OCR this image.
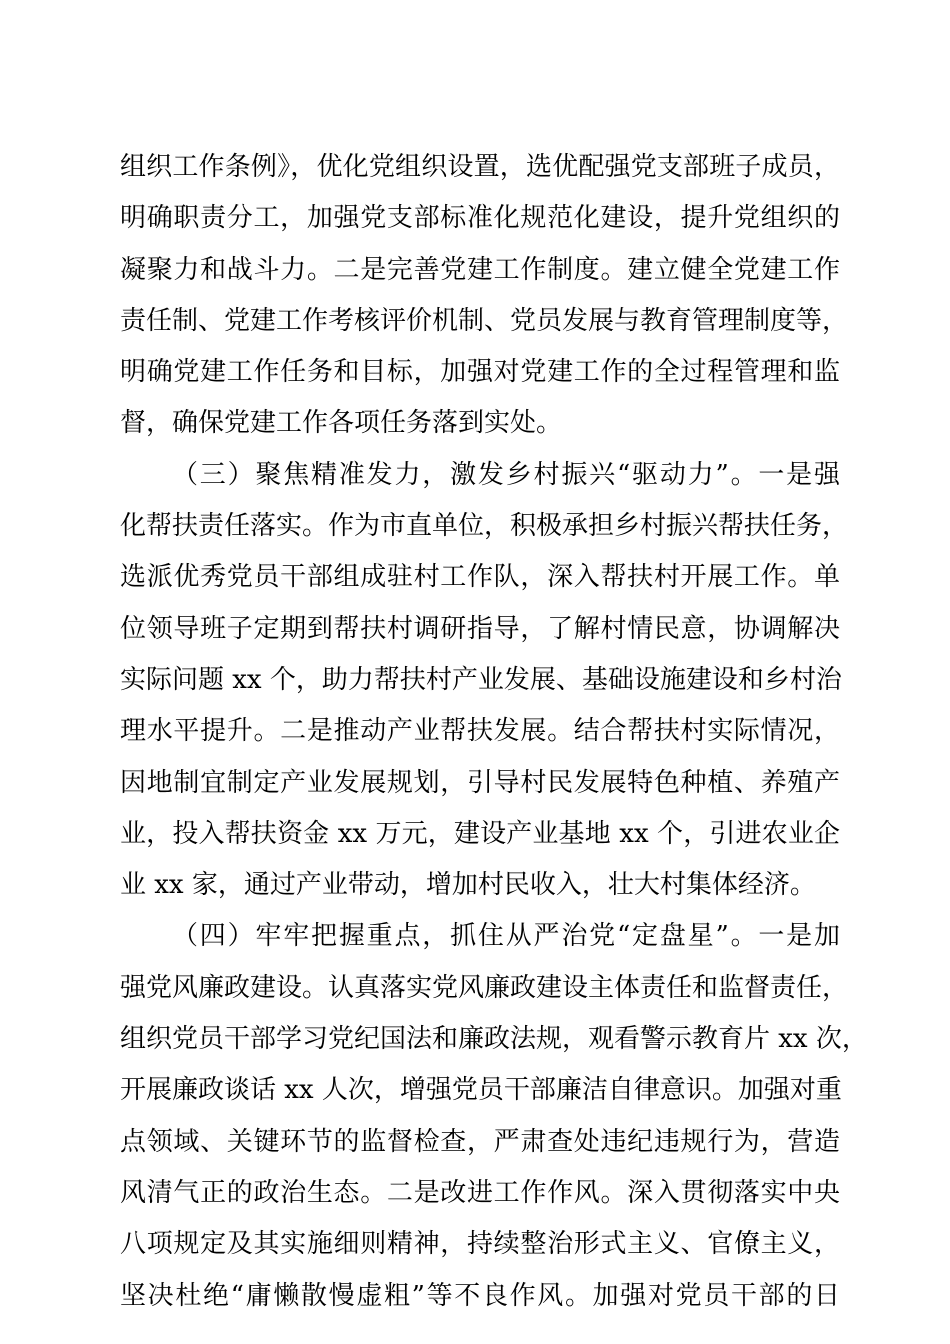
组织工作条例》，优化党组织设置，选优配强党支部班子成员，
明确职责分工，加强党支部标准化规范化建设，提升党组织的
凝聚力和战斗力。二是完善党建工作制度。建立健全党建工作
责任制、党建工作考核评价机制、党员发展与教育管理制度等，
明确党建工作任务和目标，加强对党建工作的全过程管理和监
督，确保党建工作各项任务落到实处。
（三）聚焦精准发力，激发乡村振兴“驱动力”。一是强
化帮扶责任落实。作为市直单位，积极承担乡村振兴帮扶任务，
选派优秀党员干部组成驻村工作队，深入帮扶村开展工作。单
位领导班子定期到帮扶村调研指导，了解村情民意，协调解决
实际问题 xx 个，助力帮扶村产业发展、基础设施建设和乡村治
理水平提升。二是推动产业帮扶发展。结合帮扶村实际情况，
因地制宜制定产业发展规划，引导村民发展特色种植、养殖产
业，投入帮扶资金 xx 万元，建设产业基地 xx 个，引进农业企
业 xx 家，通过产业带动，增加村民收入，壮大村集体经济。
（四）牢牢把握重点，抓住从严治党“定盘星”。一是加
强党风廉政建设。认真落实党风廉政建设主体责任和监督责任，
组织党员干部学习党纪国法和廉政法规，观看警示教育片 xx 次，
开展廉政谈话 xx 人次，增强党员干部廉洁自律意识。加强对重
点领域、关键环节的监督检查，严肃查处违纪违规行为，营造
风清气正的政治生态。二是改进工作作风。深入贯彻落实中央
八项规定及其实施细则精神，持续整治形式主义、官僚主义，
坚决杜绝“庸懒散慢虚粗”等不良作风。加强对党员干部的日
